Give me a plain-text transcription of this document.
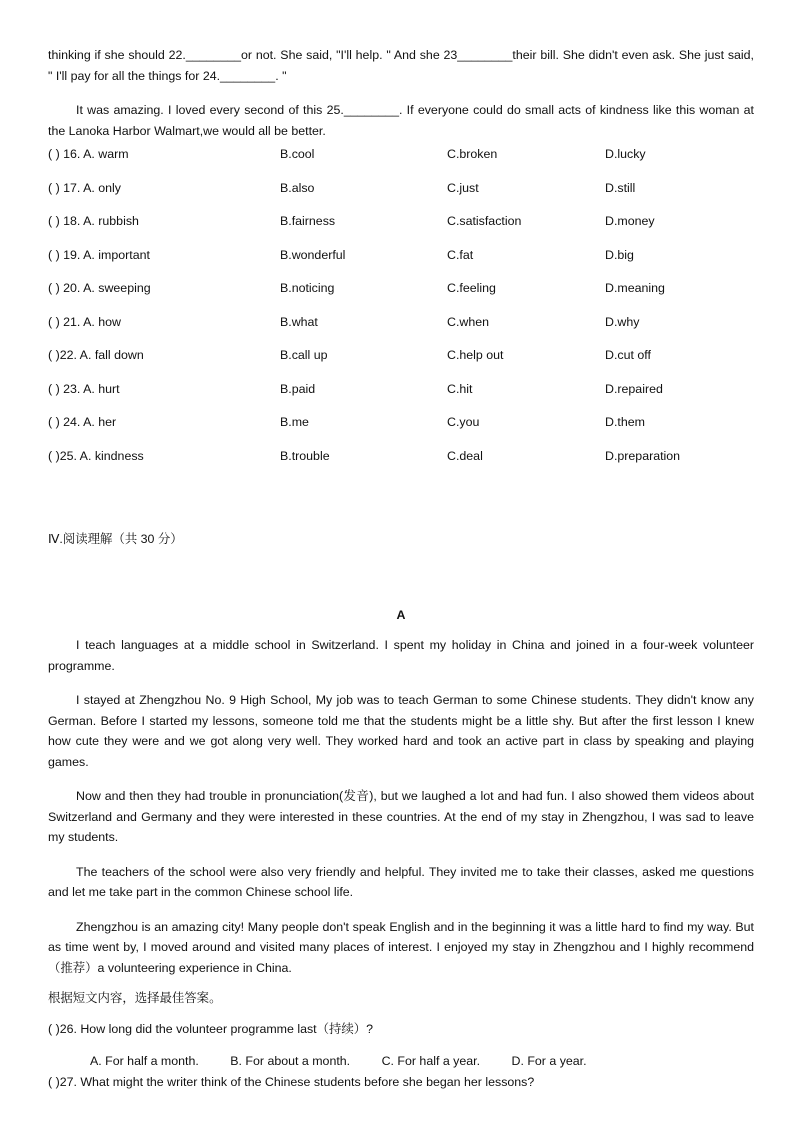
thinking if she should 22.________or not. She said, "I'll help. " And she 23________their bill. She didn't even ask. She just said, " I'll pay for all the things for 24.________. "

It was amazing. I loved every second of this 25.________. If everyone could do small acts of kindness like this woman at the Lanoka Harbor Walmart,we would all be better.

( ) 16. A. warm	B.cool	C.broken	D.lucky
( ) 17. A. only	B.also	C.just	D.still
( ) 18. A. rubbish	B.fairness	C.satisfaction	D.money
( ) 19. A. important	B.wonderful	C.fat	D.big
( ) 20. A. sweeping	B.noticing	C.feeling	D.meaning
( ) 21. A. how	B.what	C.when	D.why
( )22. A. fall down	B.call up	C.help out	D.cut off
( ) 23. A. hurt	B.paid	C.hit	D.repaired
( ) 24. A. her	B.me	C.you	D.them
( )25. A. kindness	B.trouble	C.deal	D.preparation

Ⅳ.阅读理解（共 30 分）

A

I teach languages at a middle school in Switzerland. I spent my holiday in China and joined in a four-week volunteer programme.

I stayed at Zhengzhou No. 9 High School, My job was to teach German to some Chinese students. They didn't know any German. Before I started my lessons, someone told me that the students might be a little shy. But after the first lesson I knew how cute they were and we got along very well. They worked hard and took an active part in class by speaking and playing games.

Now and then they had trouble in pronunciation(发音), but we laughed a lot and had fun. I also showed them videos about Switzerland and Germany and they were interested in these countries. At the end of my stay in Zhengzhou, I was sad to leave my students.

The teachers of the school were also very friendly and helpful. They invited me to take their classes, asked me questions and let me take part in the common Chinese school life.

Zhengzhou is an amazing city! Many people don't speak English and in the beginning it was a little hard to find my way. But as time went by, I moved around and visited many places of interest. I enjoyed my stay in Zhengzhou and I highly recommend（推荐）a volunteering experience in China.

根据短文内容，选择最佳答案。

( )26. How long did the volunteer programme last（持续）?

A. For half a month.	B. For about a month.	C. For half a year.	D. For a year.

( )27. What might the writer think of the Chinese students before she began her lessons?
